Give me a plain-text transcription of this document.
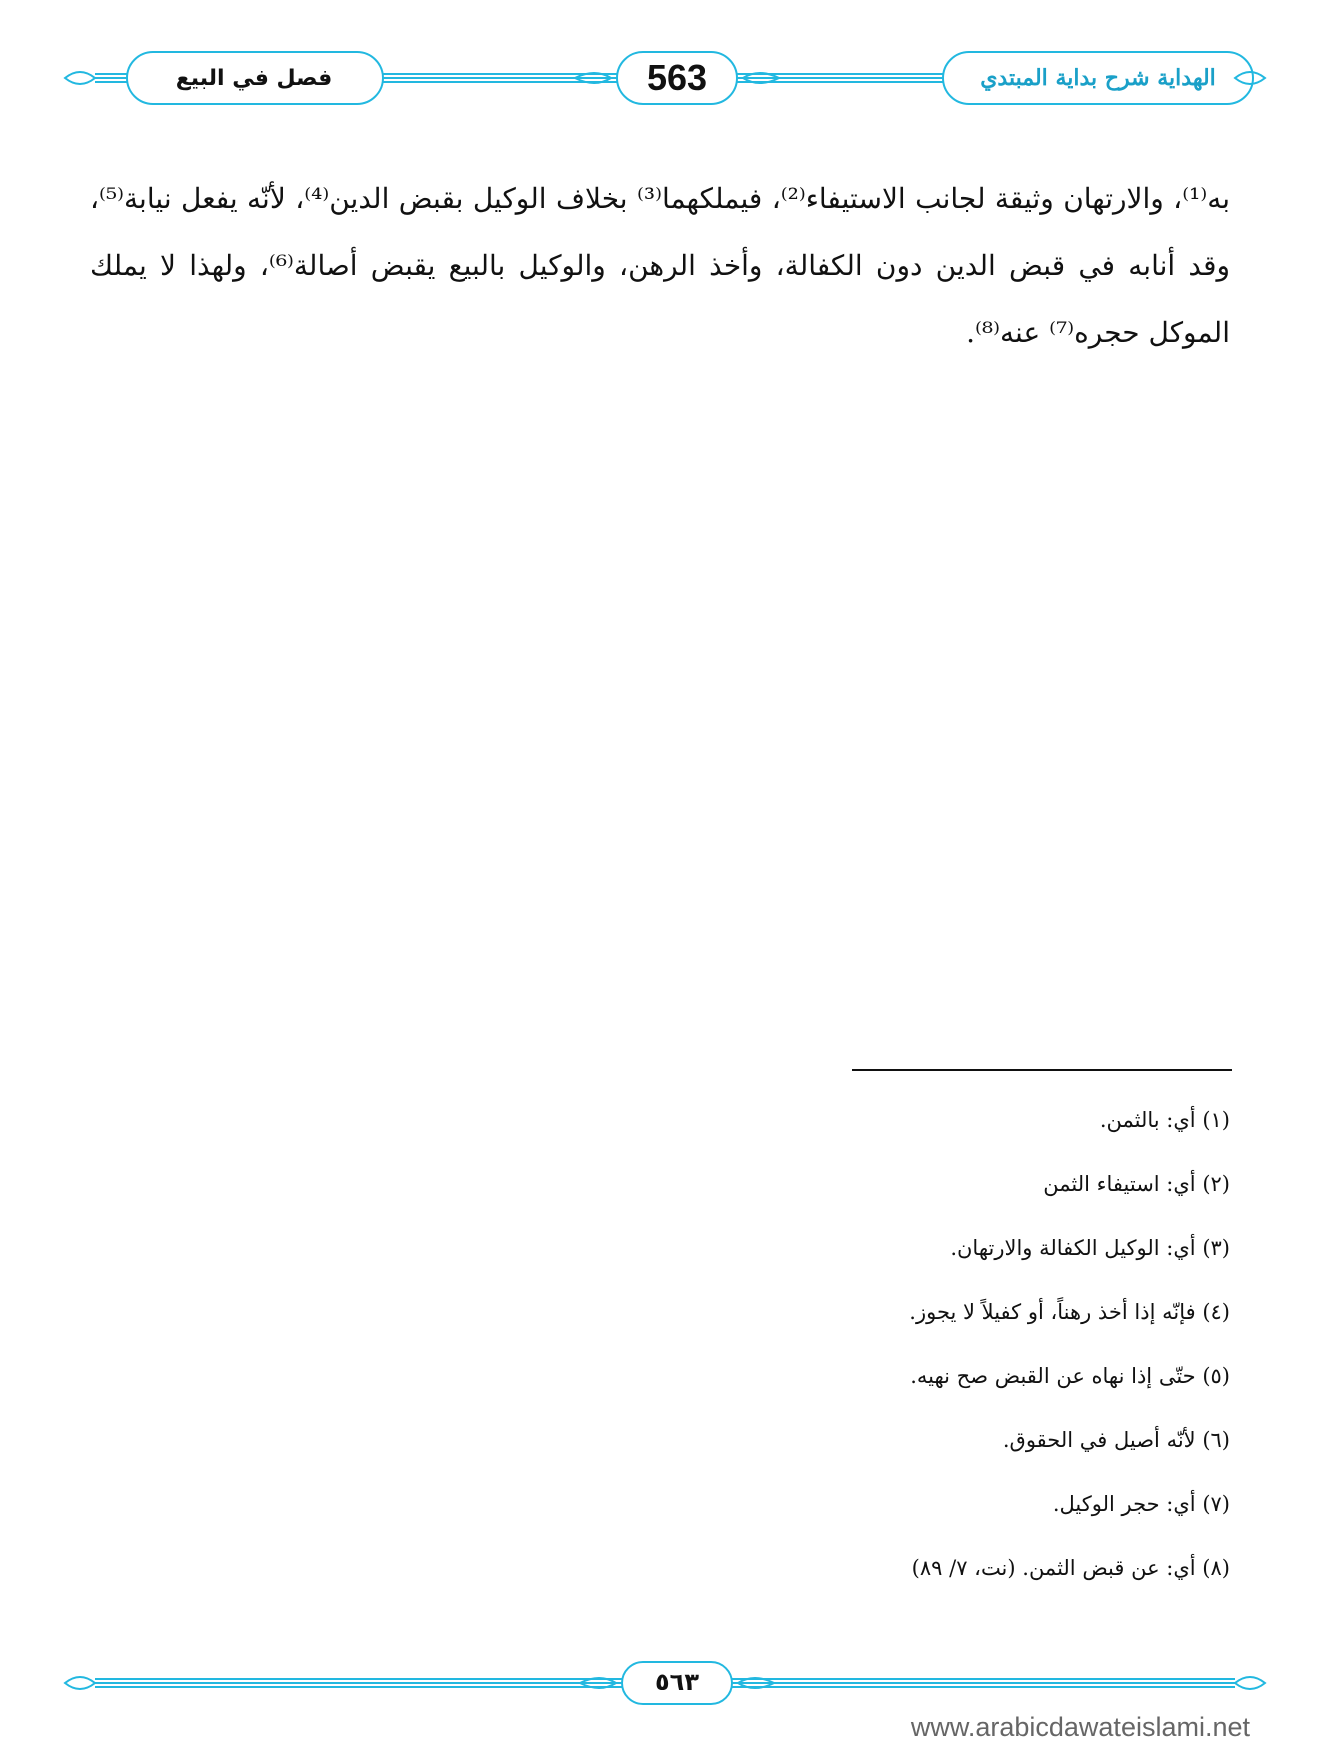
فصل في البيع	563	الهداية شرح بداية المبتدي

به⁽¹⁾، والارتهان وثيقة لجانب الاستيفاء⁽²⁾، فيملكهما⁽³⁾ بخلاف الوكيل بقبض الدين⁽⁴⁾، لأنّه يفعل نيابة⁽⁵⁾، وقد أنابه في قبض الدين دون الكفالة، وأخذ الرهن، والوكيل بالبيع يقبض أصالة⁽⁶⁾، ولهذا لا يملك الموكل حجره⁽⁷⁾ عنه⁽⁸⁾.

(١) أي: بالثمن.
(٢) أي: استيفاء الثمن
(٣) أي: الوكيل الكفالة والارتهان.
(٤) فإنّه إذا أخذ رهناً، أو كفيلاً لا يجوز.
(٥) حتّى إذا نهاه عن القبض صح نهيه.
(٦) لأنّه أصيل في الحقوق.
(٧) أي: حجر الوكيل.
(٨) أي: عن قبض الثمن. (نت، ٧/ ٨٩)
٥٦٣
www.arabicdawateislami.net
